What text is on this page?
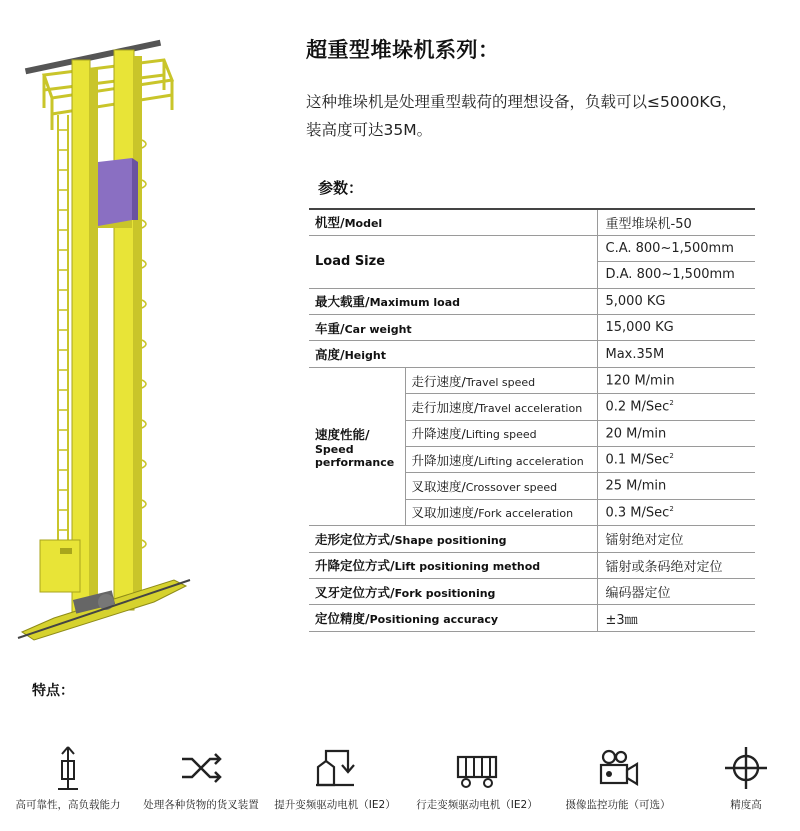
超重型堆垛机系列：
这种堆垛机是处理重型载荷的理想设备，负载可以≤5000KG，
装高度可达35M。
参数：
机型/Model		重型堆垛机-50
Load Size		C.A. 800~1,500mm
		D.A. 800~1,500mm
最大载重/Maximum load		5,000 KG
车重/Car weight		15,000 KG
高度/Height		Max.35M

速度性能/
Speed
performance	走行速度/Travel speed	120 M/min
	走行加速度/Travel acceleration	0.2 M/Sec$^2$
	升降速度/Lifting speed	20 M/min
	升降加速度/Lifting acceleration	0.1 M/Sec$^2$
	叉取速度/Crossover speed	25 M/min
	叉取加速度/Fork acceleration	0.3 M/Sec$^2$
走形定位方式/Shape positioning		镭射绝对定位
升降定位方式/Lift positioning method		镭射或条码绝对定位
叉牙定位方式/Fork positioning		编码器定位
定位精度/Positioning accuracy		±3㎜
特点：
高可靠性，高负载能力	处理各种货物的货叉装置	提升变频驱动电机（IE2） 行走变频驱动电机（IE2）	摄像监控功能（可选）	精度高
